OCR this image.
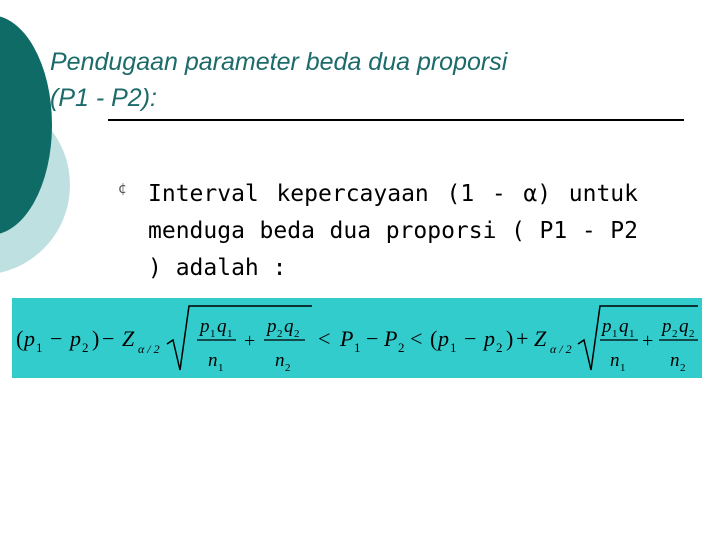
Pendugaan parameter beda dua proporsi
(P1 - P2):
¢ Interval kepercayaan (1 - α) untuk menduga beda dua proporsi ( P1 - P2 ) adalah :
( p 1 − p 2 ) − Z α / 2
p 1 q 1
n 1
+
p 2 q 2
n 2
< P 1 − P 2 < ( p 1 − p 2 ) + Z α / 2
p 1 q 1
n 1
+
p 2 q 2
n 2
